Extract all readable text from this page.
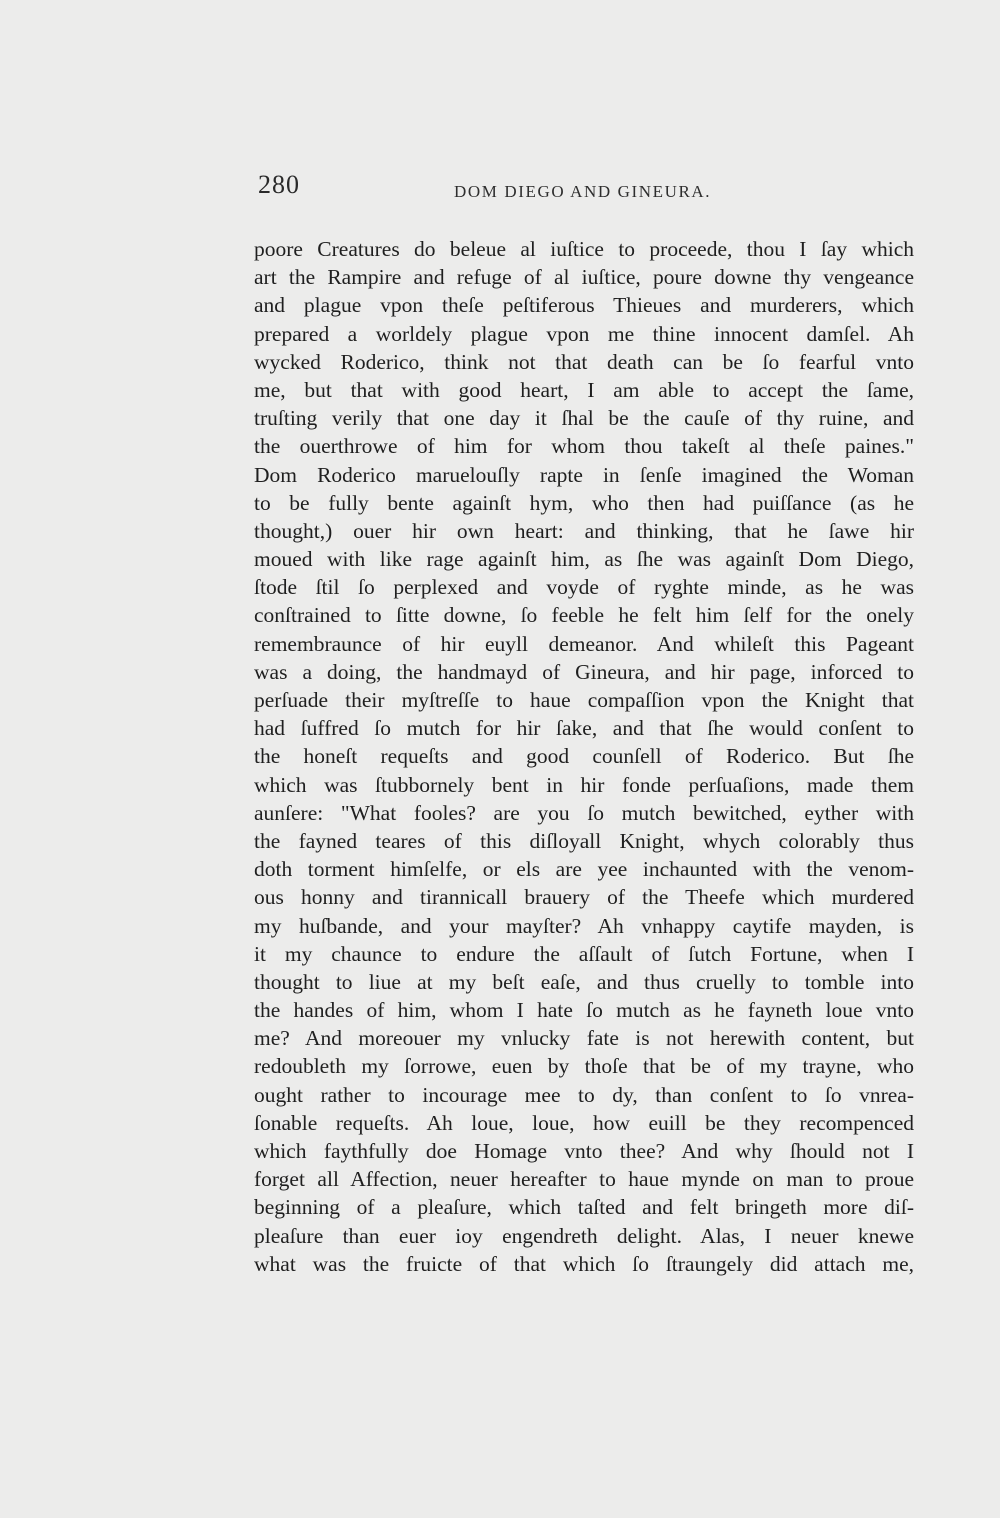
280	DOM DIEGO AND GINEURA.
poore Creatures do beleue al iuſtice to proceede, thou I ſay which
art the Rampire and refuge of al iuſtice, poure downe thy vengeance
and plague vpon theſe peſtiferous Thieues and murderers, which
prepared a worldely plague vpon me thine innocent damſel. Ah
wycked Roderico, think not that death can be ſo fearful vnto
me, but that with good heart, I am able to accept the ſame,
truſting verily that one day it ſhal be the cauſe of thy ruine, and
the ouerthrowe of him for whom thou takeſt al theſe paines."
Dom Roderico maruelouſly rapte in ſenſe imagined the Woman
to be fully bente againſt hym, who then had puiſſance (as he
thought,) ouer hir own heart: and thinking, that he ſawe hir
moued with like rage againſt him, as ſhe was againſt Dom Diego,
ſtode ſtil ſo perplexed and voyde of ryghte minde, as he was
conſtrained to ſitte downe, ſo feeble he felt him ſelf for the onely
remembraunce of hir euyll demeanor. And whileſt this Pageant
was a doing, the handmayd of Gineura, and hir page, inforced to
perſuade their myſtreſſe to haue compaſſion vpon the Knight that
had ſuffred ſo mutch for hir ſake, and that ſhe would conſent to
the honeſt requeſts and good counſell of Roderico. But ſhe
which was ſtubbornely bent in hir fonde perſuaſions, made them
aunſere: "What fooles? are you ſo mutch bewitched, eyther with
the fayned teares of this diſloyall Knight, whych colorably thus
doth torment himſelfe, or els are yee inchaunted with the venom-
ous honny and tirannicall brauery of the Theefe which murdered
my huſbande, and your mayſter? Ah vnhappy caytife mayden, is
it my chaunce to endure the aſſault of ſutch Fortune, when I
thought to liue at my beſt eaſe, and thus cruelly to tomble into
the handes of him, whom I hate ſo mutch as he fayneth loue vnto
me? And moreouer my vnlucky fate is not herewith content, but
redoubleth my ſorrowe, euen by thoſe that be of my trayne, who
ought rather to incourage mee to dy, than conſent to ſo vnrea-
ſonable requeſts. Ah loue, loue, how euill be they recompenced
which faythfully doe Homage vnto thee? And why ſhould not I
forget all Affection, neuer hereafter to haue mynde on man to proue
beginning of a pleaſure, which taſted and felt bringeth more diſ-
pleaſure than euer ioy engendreth delight. Alas, I neuer knewe
what was the fruicte of that which ſo ſtraungely did attach me,
